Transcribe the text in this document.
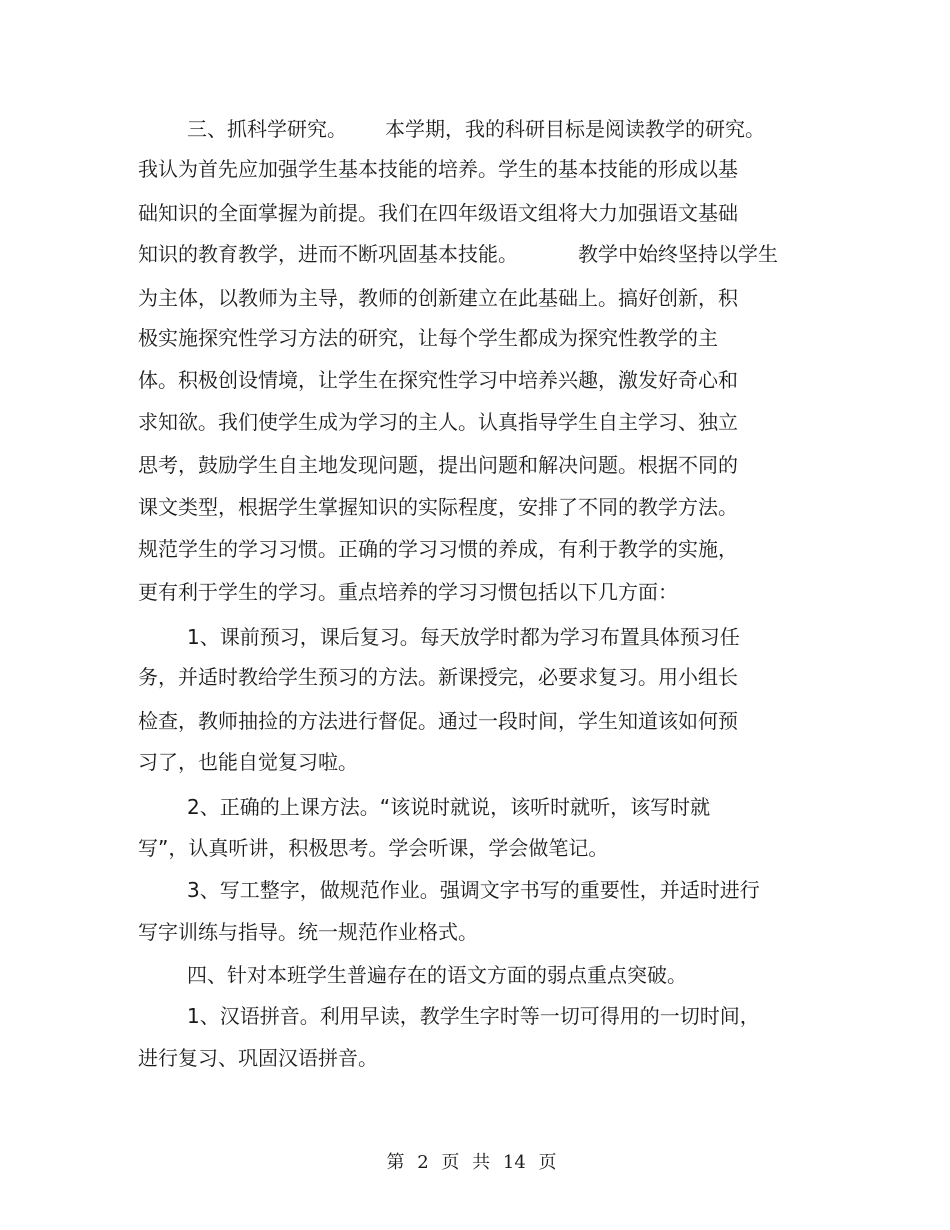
三、抓科学研究。 本学期，我的科研目标是阅读教学的研究。
我认为首先应加强学生基本技能的培养。学生的基本技能的形成以基
础知识的全面掌握为前提。我们在四年级语文组将大力加强语文基础
知识的教育教学，进而不断巩固基本技能。	教学中始终坚持以学生
为主体，以教师为主导，教师的创新建立在此基础上。搞好创新，积
极实施探究性学习方法的研究，让每个学生都成为探究性教学的主
体。积极创设情境，让学生在探究性学习中培养兴趣，激发好奇心和
求知欲。我们使学生成为学习的主人。认真指导学生自主学习、独立
思考，鼓励学生自主地发现问题，提出问题和解决问题。根据不同的
课文类型，根据学生掌握知识的实际程度，安排了不同的教学方法。
规范学生的学习习惯。正确的学习习惯的养成，有利于教学的实施，
更有利于学生的学习。重点培养的学习习惯包括以下几方面：
1、课前预习，课后复习。每天放学时都为学习布置具体预习任
务，并适时教给学生预习的方法。新课授完，必要求复习。用小组长
检查，教师抽捡的方法进行督促。通过一段时间，学生知道该如何预
习了，也能自觉复习啦。
2、正确的上课方法。“该说时就说，该听时就听，该写时就
写”，认真听讲，积极思考。学会听课，学会做笔记。
3、写工整字，做规范作业。强调文字书写的重要性，并适时进行
写字训练与指导。统一规范作业格式。
四、针对本班学生普遍存在的语文方面的弱点重点突破。
1、汉语拼音。利用早读，教学生字时等一切可得用的一切时间，
进行复习、巩固汉语拼音。
第 2 页 共 14 页
